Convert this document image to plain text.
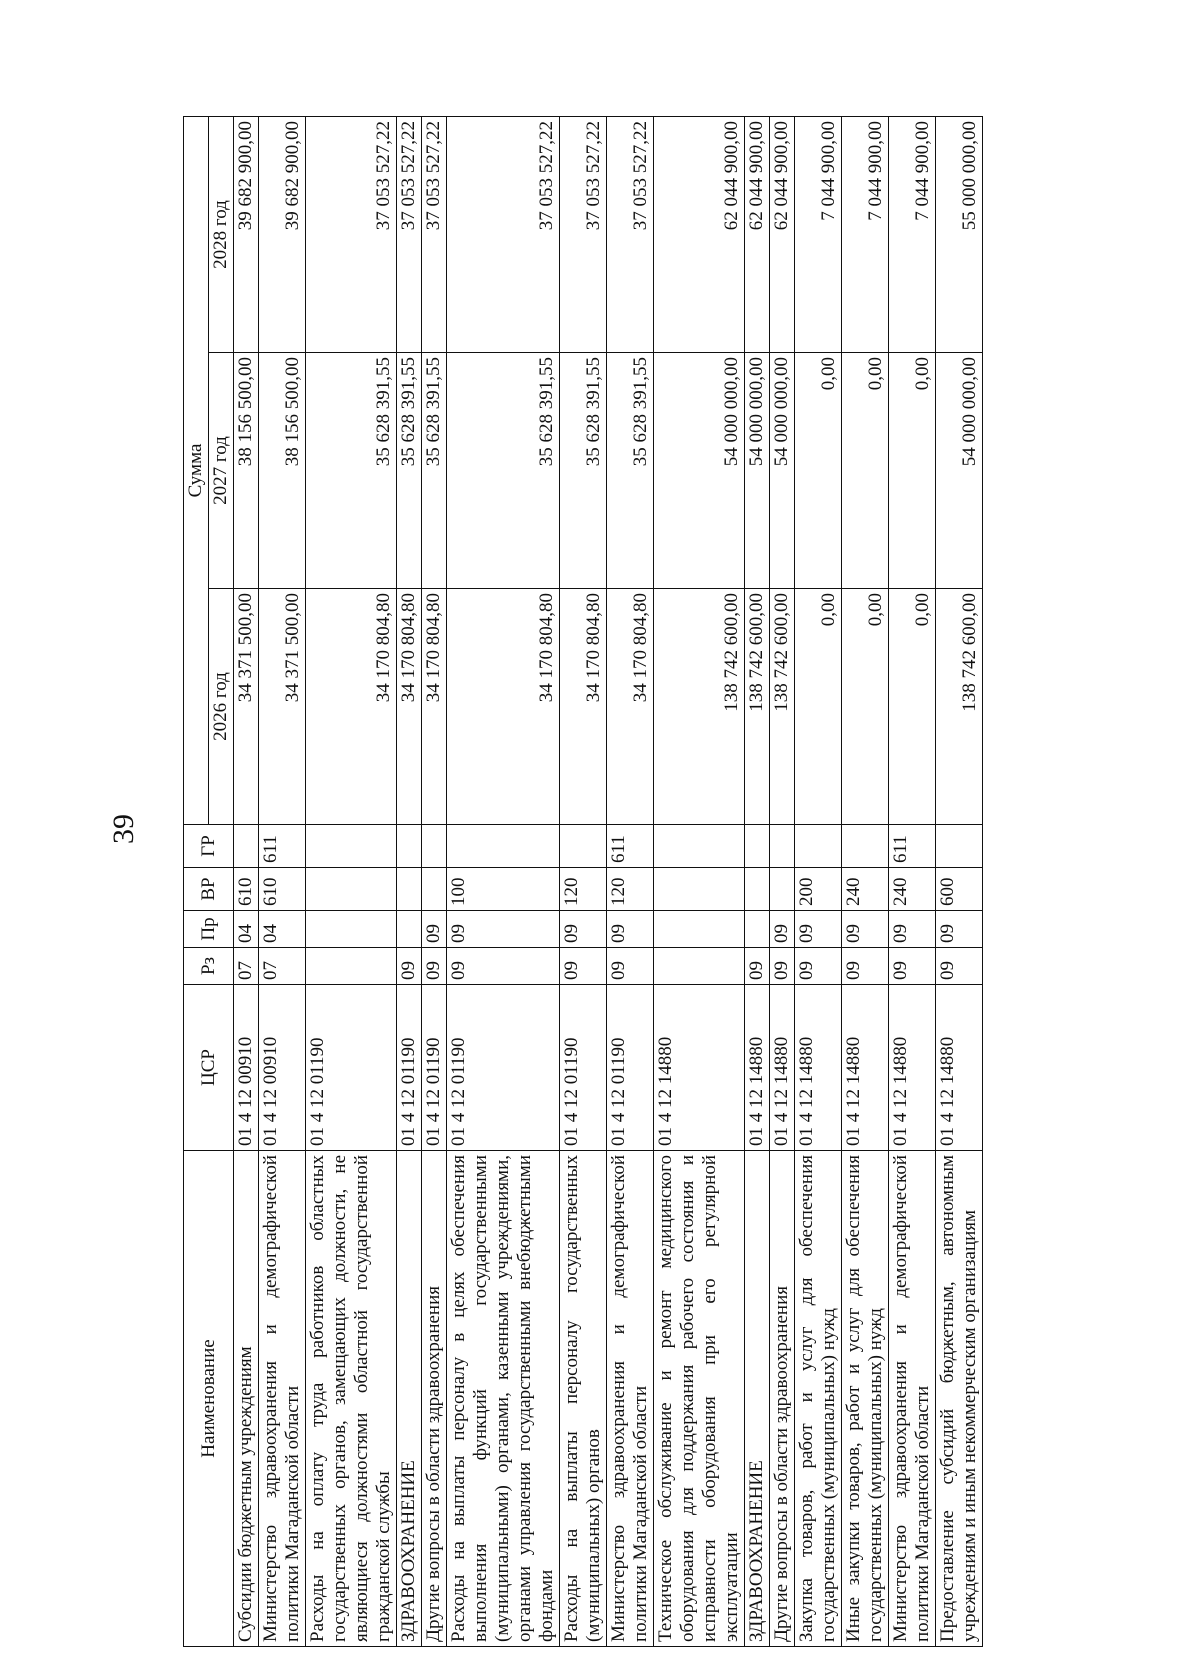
39
Наименование	ЦСР	Рз	Пр	ВР	ГР	Сумма		
						2026 год	2027 год	2028 год
Субсидии бюджетным учреждениям	01 4 12 00910	07	04	610		34 371 500,00	38 156 500,00	39 682 900,00
Министерство здравоохранения и демографической политики Магаданской области	01 4 12 00910	07	04	610	611	34 371 500,00	38 156 500,00	39 682 900,00
Расходы на оплату труда работников областных государственных органов, замещающих должности, не являющиеся должностями областной государственной гражданской службы	01 4 12 01190					34 170 804,80	35 628 391,55	37 053 527,22
ЗДРАВООХРАНЕНИЕ	01 4 12 01190	09				34 170 804,80	35 628 391,55	37 053 527,22
Другие вопросы в области здравоохранения	01 4 12 01190	09	09			34 170 804,80	35 628 391,55	37 053 527,22
Расходы на выплаты персоналу в целях обеспечения выполнения функций государственными (муниципальными) органами, казенными учреждениями, органами управления государственными внебюджетными фондами	01 4 12 01190	09	09	100		34 170 804,80	35 628 391,55	37 053 527,22
Расходы на выплаты персоналу государственных (муниципальных) органов	01 4 12 01190	09	09	120		34 170 804,80	35 628 391,55	37 053 527,22
Министерство здравоохранения и демографической политики Магаданской области	01 4 12 01190	09	09	120	611	34 170 804,80	35 628 391,55	37 053 527,22
Техническое обслуживание и ремонт медицинского оборудования для поддержания рабочего состояния и исправности оборудования при его регулярной эксплуатации	01 4 12 14880					138 742 600,00	54 000 000,00	62 044 900,00
ЗДРАВООХРАНЕНИЕ	01 4 12 14880	09				138 742 600,00	54 000 000,00	62 044 900,00
Другие вопросы в области здравоохранения	01 4 12 14880	09	09			138 742 600,00	54 000 000,00	62 044 900,00
Закупка товаров, работ и услуг для обеспечения государственных (муниципальных) нужд	01 4 12 14880	09	09	200		0,00	0,00	7 044 900,00
Иные закупки товаров, работ и услуг для обеспечения государственных (муниципальных) нужд	01 4 12 14880	09	09	240		0,00	0,00	7 044 900,00
Министерство здравоохранения и демографической политики Магаданской области	01 4 12 14880	09	09	240	611	0,00	0,00	7 044 900,00
Предоставление субсидий бюджетным, автономным учреждениям и иным некоммерческим организациям	01 4 12 14880	09	09	600		138 742 600,00	54 000 000,00	55 000 000,00
